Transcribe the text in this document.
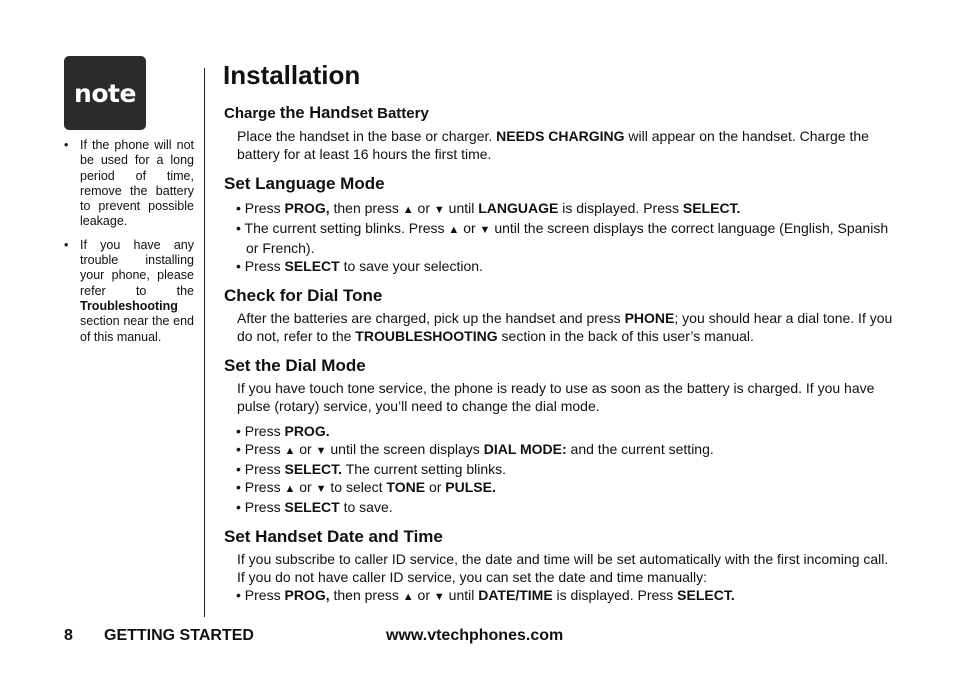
note
• If the phone will not be used for a long period of time, remove the battery to prevent possible leakage.
• If you have any trouble installing your phone, please refer to the Troubleshooting section near the end of this manual.
Installation
Charge the Handset Battery
Place the handset in the base or charger. NEEDS CHARGING will appear on the handset. Charge the battery for at least 16 hours the first time.
Set Language Mode
• Press PROG, then press ▲ or ▼ until LANGUAGE is displayed. Press SELECT.
• The current setting blinks. Press ▲ or ▼ until the screen displays the correct language (English, Spanish or French).
• Press SELECT to save your selection.
Check for Dial Tone
After the batteries are charged, pick up the handset and press PHONE; you should hear a dial tone. If you do not, refer to the TROUBLESHOOTING section in the back of this user’s manual.
Set the Dial Mode
If you have touch tone service, the phone is ready to use as soon as the battery is charged. If you have pulse (rotary) service, you’ll need to change the dial mode.
• Press PROG.
• Press ▲ or ▼ until the screen displays DIAL MODE: and the current setting.
• Press SELECT. The current setting blinks.
• Press ▲ or ▼ to select TONE or PULSE.
• Press SELECT to save.
Set Handset Date and Time
If you subscribe to caller ID service, the date and time will be set automatically with the first incoming call. If you do not have caller ID service, you can set the date and time manually:
• Press PROG, then press ▲ or ▼ until DATE/TIME is displayed. Press SELECT.
8 GETTING STARTED	www.vtechphones.com
